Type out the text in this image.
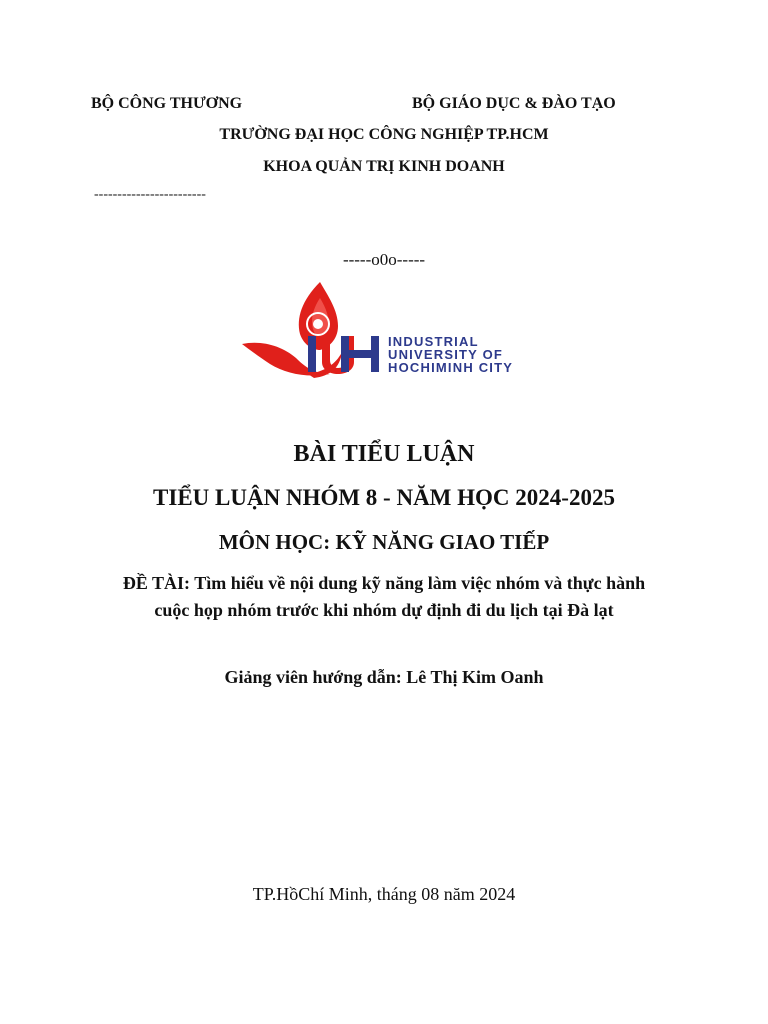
BỘ CÔNG THƯƠNG	BỘ GIÁO DỤC & ĐÀO TẠO
TRƯỜNG ĐẠI HỌC CÔNG NGHIỆP TP.HCM
KHOA QUẢN TRỊ KINH DOANH
------------------------
-----o0o-----
INDUSTRIAL
UNIVERSITY OF
HOCHIMINH CITY
BÀI TIỂU LUẬN
TIỂU LUẬN NHÓM 8 - NĂM HỌC 2024-2025
MÔN HỌC: KỸ NĂNG GIAO TIẾP
ĐỀ TÀI: Tìm hiểu về nội dung kỹ năng làm việc nhóm và thực hành
cuộc họp nhóm trước khi nhóm dự định đi du lịch tại Đà lạt
Giảng viên hướng dẫn: Lê Thị Kim Oanh
TP.HồChí Minh, tháng 08 năm 2024
